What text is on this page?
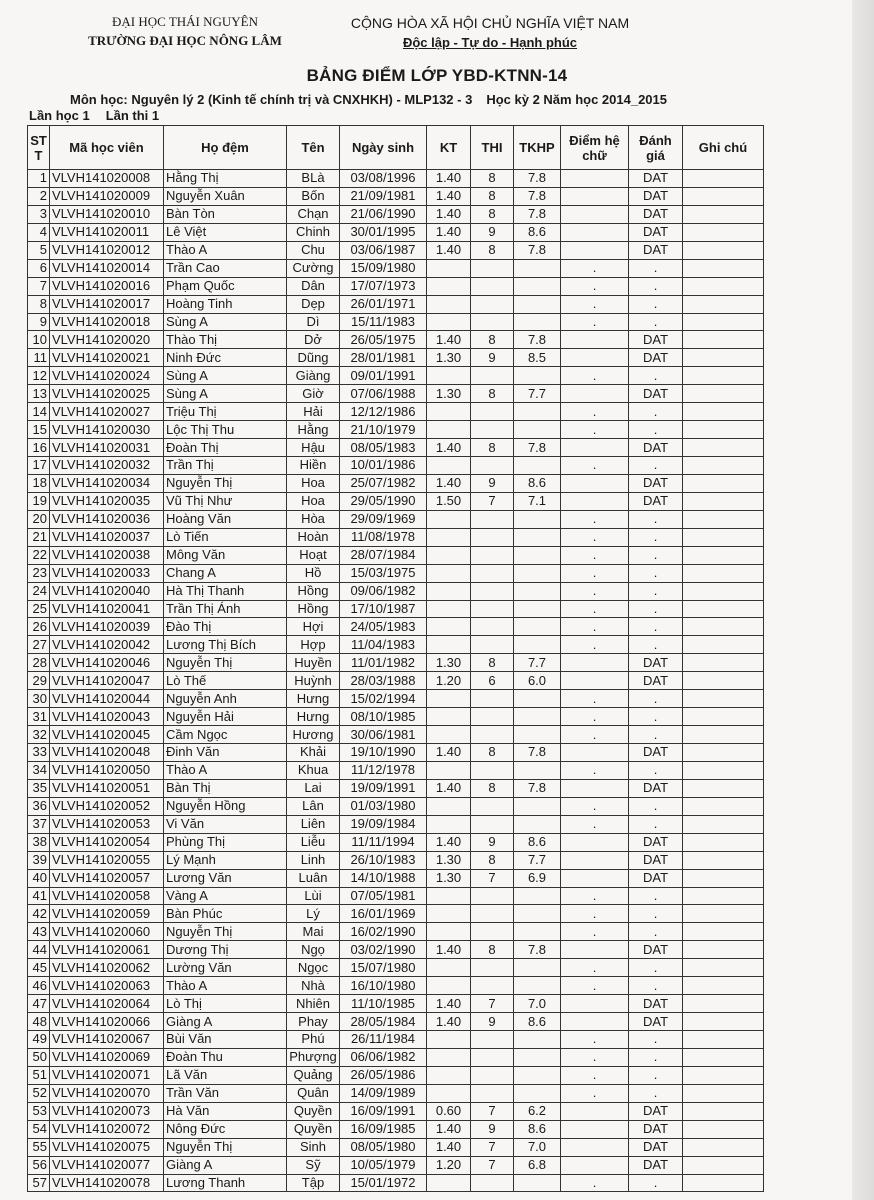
ĐẠI HỌC THÁI NGUYÊN
TRƯỜNG ĐẠI HỌC NÔNG LÂM
CỘNG HÒA XÃ HỘI CHỦ NGHĨA VIỆT NAM
Độc lập - Tự do - Hạnh phúc
BẢNG ĐIỂM LỚP YBD-KTNN-14
Môn học: Nguyên lý 2 (Kinh tế chính trị và CNXHKH) - MLP132 - 3 Học kỳ 2 Năm học 2014_2015
Lần học 1 Lần thi 1
ST T	Mã học viên	Họ đệm	Tên	Ngày sinh	KT	THI	TKHP	Điểm hệ chữ	Đánh giá	Ghi chú
1	VLVH141020008	Hằng Thị	BLà	03/08/1996	1.40	8	7.8		DAT	
2	VLVH141020009	Nguyễn Xuân	Bốn	21/09/1981	1.40	8	7.8		DAT	
3	VLVH141020010	Bàn Tòn	Chạn	21/06/1990	1.40	8	7.8		DAT	
4	VLVH141020011	Lê Việt	Chinh	30/01/1995	1.40	9	8.6		DAT	
5	VLVH141020012	Thào A	Chu	03/06/1987	1.40	8	7.8		DAT	
6	VLVH141020014	Trần Cao	Cường	15/09/1980				.	.	
7	VLVH141020016	Phạm Quốc	Dân	17/07/1973				.	.	
8	VLVH141020017	Hoàng Tinh	Dẹp	26/01/1971				.	.	
9	VLVH141020018	Sùng A	Dì	15/11/1983				.	.	
10	VLVH141020020	Thào Thị	Dở	26/05/1975	1.40	8	7.8		DAT	
11	VLVH141020021	Ninh Đức	Dũng	28/01/1981	1.30	9	8.5		DAT	
12	VLVH141020024	Sùng A	Giàng	09/01/1991				.	.	
13	VLVH141020025	Sùng A	Giờ	07/06/1988	1.30	8	7.7		DAT	
14	VLVH141020027	Triệu Thị	Hải	12/12/1986				.	.	
15	VLVH141020030	Lộc Thị Thu	Hằng	21/10/1979				.	.	
16	VLVH141020031	Đoàn Thị	Hậu	08/05/1983	1.40	8	7.8		DAT	
17	VLVH141020032	Trần Thị	Hiền	10/01/1986				.	.	
18	VLVH141020034	Nguyễn Thị	Hoa	25/07/1982	1.40	9	8.6		DAT	
19	VLVH141020035	Vũ Thị Như	Hoa	29/05/1990	1.50	7	7.1		DAT	
20	VLVH141020036	Hoàng Văn	Hòa	29/09/1969				.	.	
21	VLVH141020037	Lò Tiến	Hoàn	11/08/1978				.	.	
22	VLVH141020038	Mông Văn	Hoạt	28/07/1984				.	.	
23	VLVH141020033	Chang A	Hồ	15/03/1975				.	.	
24	VLVH141020040	Hà Thị Thanh	Hồng	09/06/1982				.	.	
25	VLVH141020041	Trần Thị Ánh	Hồng	17/10/1987				.	.	
26	VLVH141020039	Đào Thị	Hợi	24/05/1983				.	.	
27	VLVH141020042	Lương Thị Bích	Hợp	11/04/1983				.	.	
28	VLVH141020046	Nguyễn Thị	Huyền	11/01/1982	1.30	8	7.7		DAT	
29	VLVH141020047	Lò Thế	Huỳnh	28/03/1988	1.20	6	6.0		DAT	
30	VLVH141020044	Nguyễn Anh	Hưng	15/02/1994				.	.	
31	VLVH141020043	Nguyễn Hải	Hưng	08/10/1985				.	.	
32	VLVH141020045	Cầm Ngọc	Hương	30/06/1981				.	.	
33	VLVH141020048	Đinh Văn	Khải	19/10/1990	1.40	8	7.8		DAT	
34	VLVH141020050	Thào A	Khua	11/12/1978				.	.	
35	VLVH141020051	Bàn Thị	Lai	19/09/1991	1.40	8	7.8		DAT	
36	VLVH141020052	Nguyễn Hồng	Lân	01/03/1980				.	.	
37	VLVH141020053	Vi Văn	Liên	19/09/1984				.	.	
38	VLVH141020054	Phùng Thị	Liễu	11/11/1994	1.40	9	8.6		DAT	
39	VLVH141020055	Lý Mạnh	Linh	26/10/1983	1.30	8	7.7		DAT	
40	VLVH141020057	Lương Văn	Luân	14/10/1988	1.30	7	6.9		DAT	
41	VLVH141020058	Vàng A	Lùi	07/05/1981				.	.	
42	VLVH141020059	Bàn Phúc	Lý	16/01/1969				.	.	
43	VLVH141020060	Nguyễn Thị	Mai	16/02/1990				.	.	
44	VLVH141020061	Dương Thị	Ngọ	03/02/1990	1.40	8	7.8		DAT	
45	VLVH141020062	Lường Văn	Ngọc	15/07/1980				.	.	
46	VLVH141020063	Thào A	Nhà	16/10/1980				.	.	
47	VLVH141020064	Lò Thị	Nhiên	11/10/1985	1.40	7	7.0		DAT	
48	VLVH141020066	Giàng A	Phay	28/05/1984	1.40	9	8.6		DAT	
49	VLVH141020067	Bùi Văn	Phú	26/11/1984				.	.	
50	VLVH141020069	Đoàn Thu	Phượng	06/06/1982				.	.	
51	VLVH141020071	Lã Văn	Quảng	26/05/1986				.	.	
52	VLVH141020070	Trần Văn	Quân	14/09/1989				.	.	
53	VLVH141020073	Hà Văn	Quyền	16/09/1991	0.60	7	6.2		DAT	
54	VLVH141020072	Nông Đức	Quyền	16/09/1985	1.40	9	8.6		DAT	
55	VLVH141020075	Nguyễn Thị	Sinh	08/05/1980	1.40	7	7.0		DAT	
56	VLVH141020077	Giàng A	Sỹ	10/05/1979	1.20	7	6.8		DAT	
57	VLVH141020078	Lương Thanh	Tập	15/01/1972				.	.	
